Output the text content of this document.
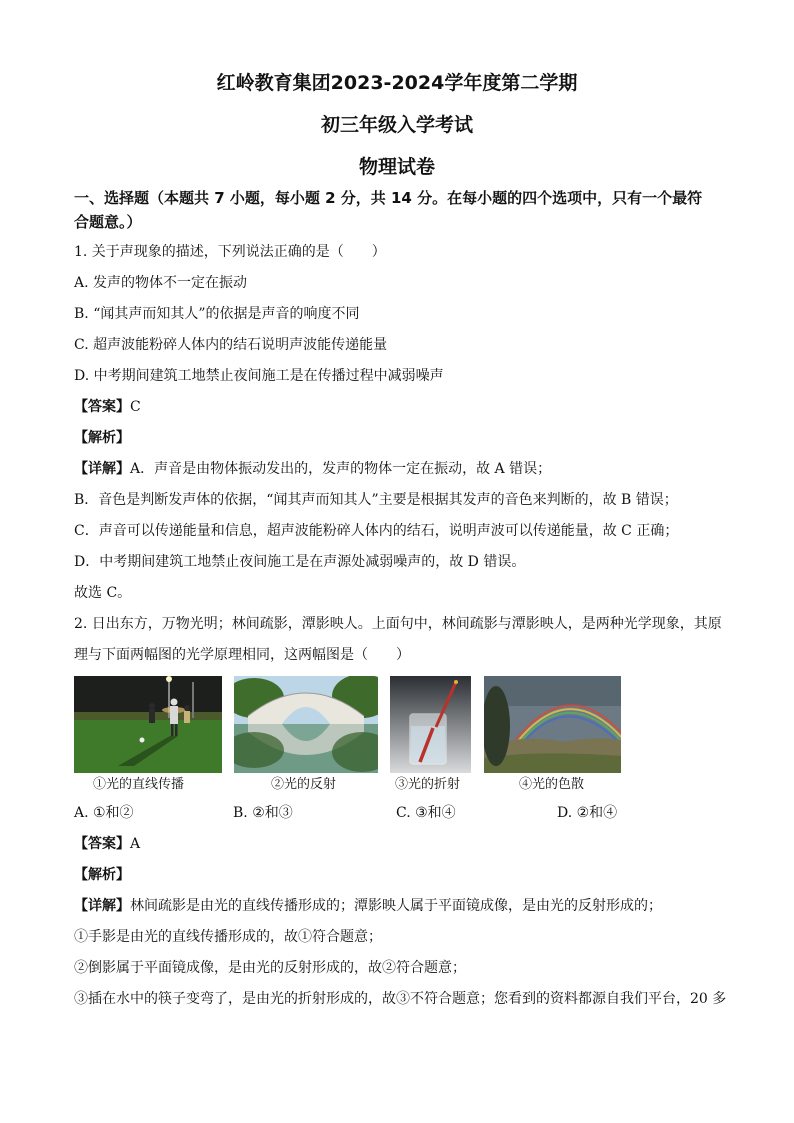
红岭教育集团2023-2024学年度第二学期
初三年级入学考试
物理试卷
一、选择题（本题共 7 小题，每小题 2 分，共 14 分。在每小题的四个选项中，只有一个最符
合题意。）
1. 关于声现象的描述，下列说法正确的是（　　）
A. 发声的物体不一定在振动
B. “闻其声而知其人”的依据是声音的响度不同
C. 超声波能粉碎人体内的结石说明声波能传递能量
D. 中考期间建筑工地禁止夜间施工是在传播过程中减弱噪声
【答案】C
【解析】
【详解】A．声音是由物体振动发出的，发声的物体一定在振动，故 A 错误；
B．音色是判断发声体的依据，“闻其声而知其人”主要是根据其发声的音色来判断的，故 B 错误；
C．声音可以传递能量和信息，超声波能粉碎人体内的结石，说明声波可以传递能量，故 C 正确；
D．中考期间建筑工地禁止夜间施工是在声源处减弱噪声的，故 D 错误。
故选 C。
2. 日出东方，万物光明；林间疏影，潭影映人。上面句中，林间疏影与潭影映人，是两种光学现象，其原
理与下面两幅图的光学原理相同，这两幅图是（　　）
①光的直线传播	②光的反射	③光的折射	④光的色散
A. ①和②	B. ②和③	C. ③和④	D. ②和④
【答案】A
【解析】
【详解】林间疏影是由光的直线传播形成的；潭影映人属于平面镜成像，是由光的反射形成的；
①手影是由光的直线传播形成的，故①符合题意；
②倒影属于平面镜成像，是由光的反射形成的，故②符合题意；
③插在水中的筷子变弯了，是由光的折射形成的，故③不符合题意；您看到的资料都源自我们平台，20 多
